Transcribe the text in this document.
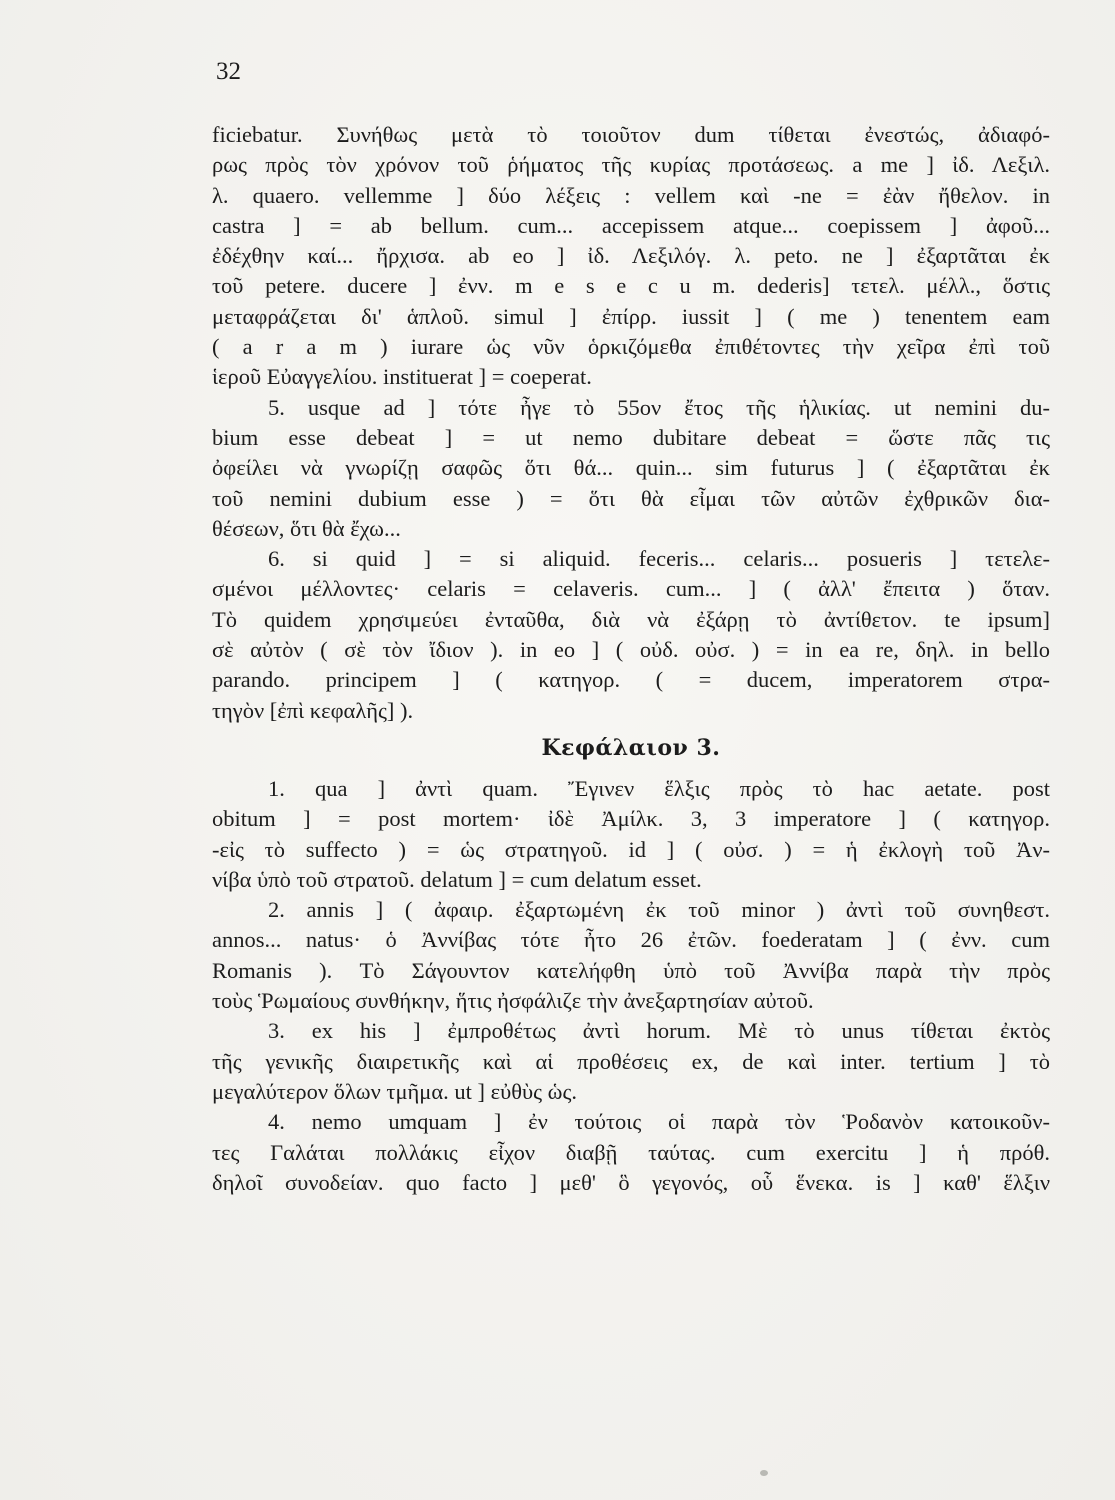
32
ficiebatur. Συνήθως μετὰ τὸ τοιοῦτον dum τίθεται ἐνεστώς, ἀδιαφό-
ρως πρὸς τὸν χρόνον τοῦ ῥήματος τῆς κυρίας προτάσεως. a me ] ἰδ. Λεξιλ.
λ. quaero. vellemme ] δύο λέξεις : vellem καὶ -ne = ἐὰν ἤθελον. in
castra ] = ab bellum. cum... accepissem atque... coepissem ] ἀφοῦ...
ἐδέχθην καί... ἤρχισα. ab eo ] ἰδ. Λεξιλόγ. λ. peto. ne ] ἐξαρτᾶται ἐκ
τοῦ petere. ducere ] ἐνν. m e s e c u m. dederis] τετελ. μέλλ., ὅστις
μεταφράζεται δι' ἁπλοῦ. simul ] ἐπίρρ. iussit ] ( me ) tenentem eam
( a r a m ) iurare ὡς νῦν ὁρκιζόμεθα ἐπιθέτοντες τὴν χεῖρα ἐπὶ τοῦ
ἱεροῦ Εὐαγγελίου. instituerat ] = coeperat.
5. usque ad ] τότε ἦγε τὸ 55ον ἔτος τῆς ἡλικίας. ut nemini du-
bium esse debeat ] = ut nemo dubitare debeat = ὥστε πᾶς τις
ὀφείλει νὰ γνωρίζῃ σαφῶς ὅτι θά... quin... sim futurus ] ( ἐξαρτᾶται ἐκ
τοῦ nemini dubium esse ) = ὅτι θὰ εἶμαι τῶν αὐτῶν ἐχθρικῶν δια-
θέσεων, ὅτι θὰ ἔχω...
6. si quid ] = si aliquid. feceris... celaris... posueris ] τετελε-
σμένοι μέλλοντες· celaris = celaveris. cum... ] ( ἀλλ' ἔπειτα ) ὅταν.
Τὸ quidem χρησιμεύει ἐνταῦθα, διὰ νὰ ἐξάρῃ τὸ ἀντίθετον. te ipsum]
σὲ αὐτὸν ( σὲ τὸν ἴδιον ). in eo ] ( οὐδ. οὐσ. ) = in ea re, δηλ. in bello
parando. principem ] ( κατηγορ. ( = ducem, imperatorem στρα-
τηγὸν [ἐπὶ κεφαλῆς] ).
Κεφάλαιον 3.
1. qua ] ἀντὶ quam. Ἔγινεν ἕλξις πρὸς τὸ hac aetate. post
obitum ] = post mortem· ἰδὲ Ἀμίλκ. 3, 3 imperatore ] ( κατηγορ.
-εἰς τὸ suffecto ) = ὡς στρατηγοῦ. id ] ( οὐσ. ) = ἡ ἐκλογὴ τοῦ Ἀν-
νίβα ὑπὸ τοῦ στρατοῦ. delatum ] = cum delatum esset.
2. annis ] ( ἀφαιρ. ἐξαρτωμένη ἐκ τοῦ minor ) ἀντὶ τοῦ συνηθεστ.
annos... natus· ὁ Ἀννίβας τότε ἦτο 26 ἐτῶν. foederatam ] ( ἐνν. cum
Romanis ). Τὸ Σάγουντον κατελήφθη ὑπὸ τοῦ Ἀννίβα παρὰ τὴν πρὸς
τοὺς Ῥωμαίους συνθήκην, ἥτις ἠσφάλιζε τὴν ἀνεξαρτησίαν αὐτοῦ.
3. ex his ] ἐμπροθέτως ἀντὶ horum. Μὲ τὸ unus τίθεται ἐκτὸς
τῆς γενικῆς διαιρετικῆς καὶ αἱ προθέσεις ex, de καὶ inter. tertium ] τὸ
μεγαλύτερον ὅλων τμῆμα. ut ] εὐθὺς ὡς.
4. nemo umquam ] ἐν τούτοις οἱ παρὰ τὸν Ῥοδανὸν κατοικοῦν-
τες Γαλάται πολλάκις εἶχον διαβῇ ταύτας. cum exercitu ] ἡ πρόθ.
δηλοῖ συνοδείαν. quo facto ] μεθ' ὃ γεγονός, οὗ ἕνεκα. is ] καθ' ἕλξιν
